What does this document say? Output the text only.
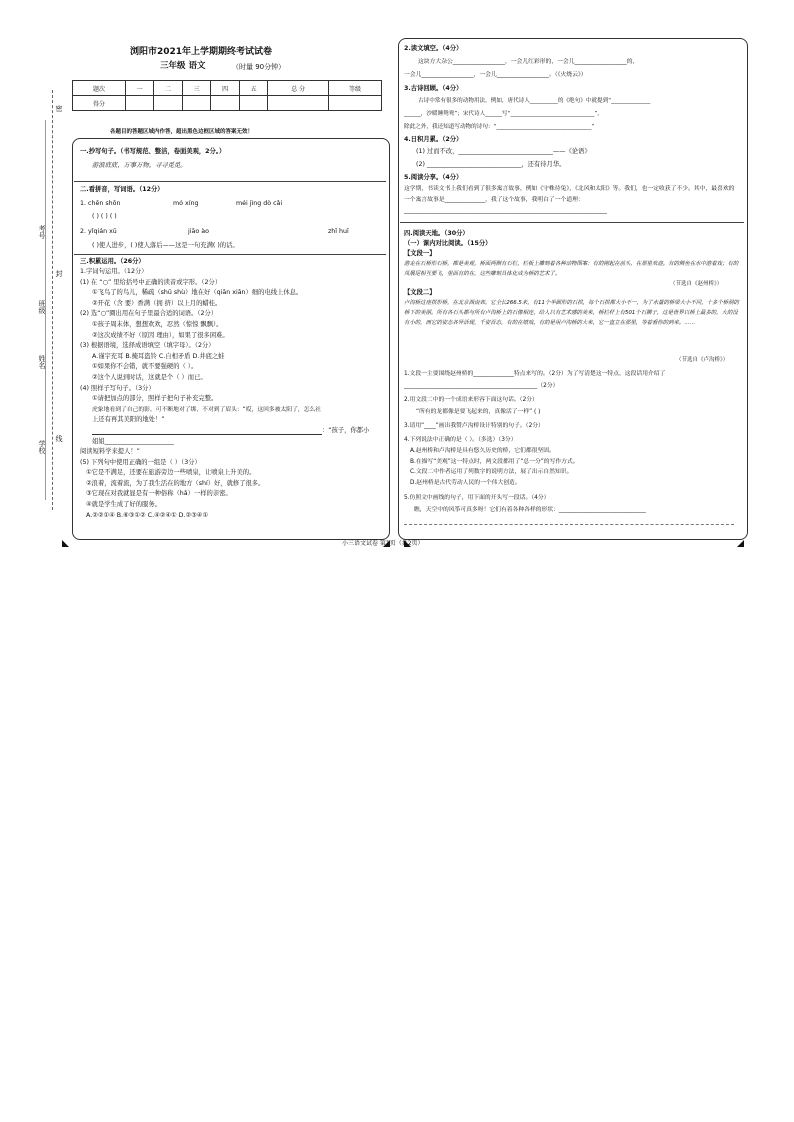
考号
班级
姓名
学校
密
封
线
浏阳市2021年上学期期终考试试卷
三年级 语文	（时量 90分钟）
题次	一	二	三	四	五	总 分	等级
得分							
各题目的答题区域内作答，超出黑色边框区域的答案无效！
一.抄写句子。（书写规范、整洁，卷面美观，2分。）
游浪底底，万事万物。寻寻觅觅。
二.看拼音，写词语。（12分）
1. chēn shōn	mó xíng	méi jìng dò cǎi
( ) ( ) ( )
2. yǐqián xū	jiāo ào	zhǐ huī
( )使人进步，( )使人落后——这是一句充满( )的话。
三.积累运用。（26分）
1.字词句运用。（12分）
(1) 在 “○” 里给括号中正确的读音或字形。（2分）
①飞鸟了的鸟儿，稀疏（shū shù）地在好（qiān xiān）细的电线上休息。
②开花（含 要）香满（拥 挤）以上月的蜡桂。
(2) 选“○”圈出用在句子里最合适的词语。（2分）
①孩子周末体，想想欢欢，忍然（惊惊 飘飘）。
②这次成绩不好（原因 理由），如果了很多困难。
(3) 根据语境，选择成语填空（填字母）。（2分）
A.谨宇充耳 B.掩耳盗铃 C.自相矛盾 D.井底之蛙
①如果你不会错，就不要强硬的（ ）。
②这个人说到时话，这就是个（ ）而已。
(4) 照样子写句子。（3分）
①请把加点的部分，照样子把句子补充完整。
虎象地看到了自己的影，可不断地对了绑，不对到了眉头：“哎，这回多被太阳了，怎么社
上还有再其美阳的地处！”
：“孩子，你都小
姐姐______________________
阅读短料学来提人！”
(5) 下列句中使用正确的一组是（ ）（3分）
①它是不满足，还要在旅游旁边一些喷泉，让喷泉上升美的。
②浪着，流着流，为了我生活在的地方（shí）好，就修了很多。
③它现在对我就显是有一种俗称（hǎ）一样的亲密。
④就是学生成了好的服务。
A.②②①④ B.⑥③①② C.④②④① D.②③④①
2.读文填空。（4分）
这块方大杂公__________________，一会儿红彩形的，一会儿__________________的，
一会儿__________________，一会儿__________________。（《火烧云》）
3.古诗回顾。（4分）
古诗中常有很多的动物用法。例如，唐代诗人__________的《绝句》中就提到“______________
______，沙暖睡鸳鸯”；宋代诗人______写“______________________________”，
除此之外，我还知道写动物的诗句：“__________________________________”
4.日积月累。（2分）
(1) 过而不改，______________________________——《论语》
(2) ______________________________，还有待月华。
5.阅读分享。（4分）
这学期，书读文书上我们看到了很多寓言故事，例如《守株待兔》，《北风和太阳》等。我们，也一定收获了不少。其中，最喜欢的一个寓言故事是______________，我了这个故事，我明白了一个道理：______________________________________________________________________
四.阅读天地。（30分）
（一）课内对比阅读。（15分）
【文段一】
游走在石桥形石桥，都是美观，桥面两侧有石栏，栏板上雕刻着各种动物图案：有的刚起在前头，在那里欢迎。有的侧鱼在水中游着戏；有的凤展尾相互要飞，里面有的在，这些雕刻具体化成为桥的艺术了。
（节选自《赵州桥》）
【文段二】
卢沟桥这座拱形桥，在北京西南郊。它全长266.5米，有11个半圆形的石拱，每个石拱都大小不一，为了水量的桥梁大小不同，十多个桥洞的桥下的美丽。所有各石头都与所有卢沟桥上的石像相连，给人以有艺术感的美来，桥栏杆上有501个石狮子，这是世界以桥上最多的，大的没有小的，而它的姿态各异活现，千姿百态，有的在嬉戏，有的是用卢沟桥的大来，它一直立在那里，等着看你的到来。……
（节选自《卢沟桥》）
1.文段一主要围绕赵州桥的______________特点来写的。（2分）为了写清楚这一特点，这段话用介绍了______________________________________________（2分）
2.用文段二中的一个成语来形容下面这句话。（2分）
“所有的龙都像是要飞起来的，真像活了一样” ( )
3.请用“____”画出我赞卢沟桥设计特别的句子。（2分）
4.下列说法中正确的是（ ）。（多选）（3分）
A.赵州桥和卢沟桥是具有悠久历史的桥，它们都很坚固。
B.在描写“美观”这一特点时，两文段都用了“总一分”的写作方式。
C.文段二中作者运用了列数字的说明方法，展了出示自然知识。
D.赵州桥是古代劳动人民的一个伟大创造。
5.仿照文中画线的句子，用下面的开头写一段话。（4分）
瞧，天空中的风筝可真多呀！它们有着各种各样的形状：______________________________
小三语文试卷 第1页（共2页）
